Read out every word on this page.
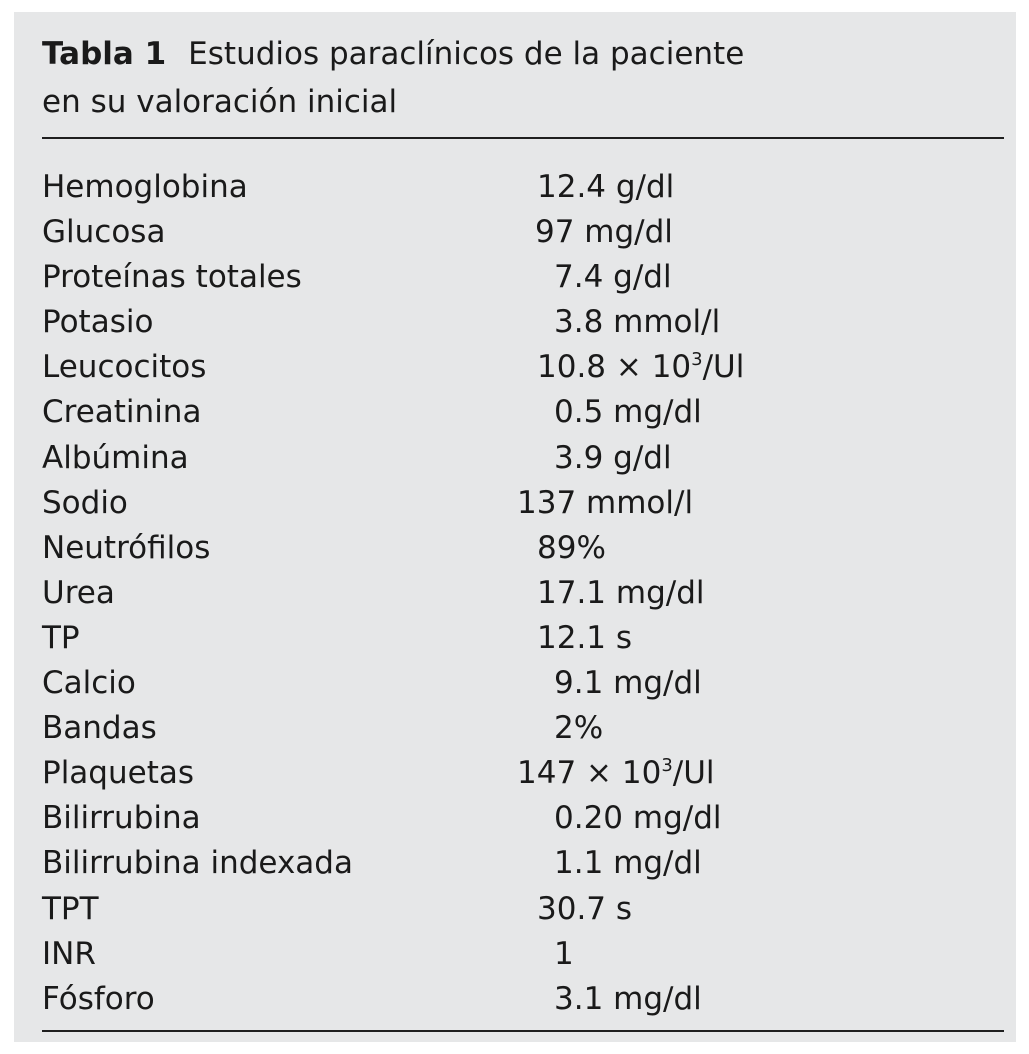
Tabla 1 Estudios paraclínicos de la paciente
en su valoración inicial
Hemoglobina	12.4 g/dl
Glucosa	97 mg/dl
Proteínas totales	7.4 g/dl
Potasio	3.8 mmol/l
Leucocitos	$10.8 \times 10^3/Ul$
Creatinina	0.5 mg/dl
Albúmina	3.9 g/dl
Sodio	137 mmol/l
Neutrófilos	89%
Urea	17.1 mg/dl
TP	12.1 s
Calcio	9.1 mg/dl
Bandas	2%
Plaquetas	$147 \times 10^3/Ul$
Bilirrubina	0.20 mg/dl
Bilirrubina indexada	1.1 mg/dl
TPT	30.7 s
INR	1
Fósforo	3.1 mg/dl
